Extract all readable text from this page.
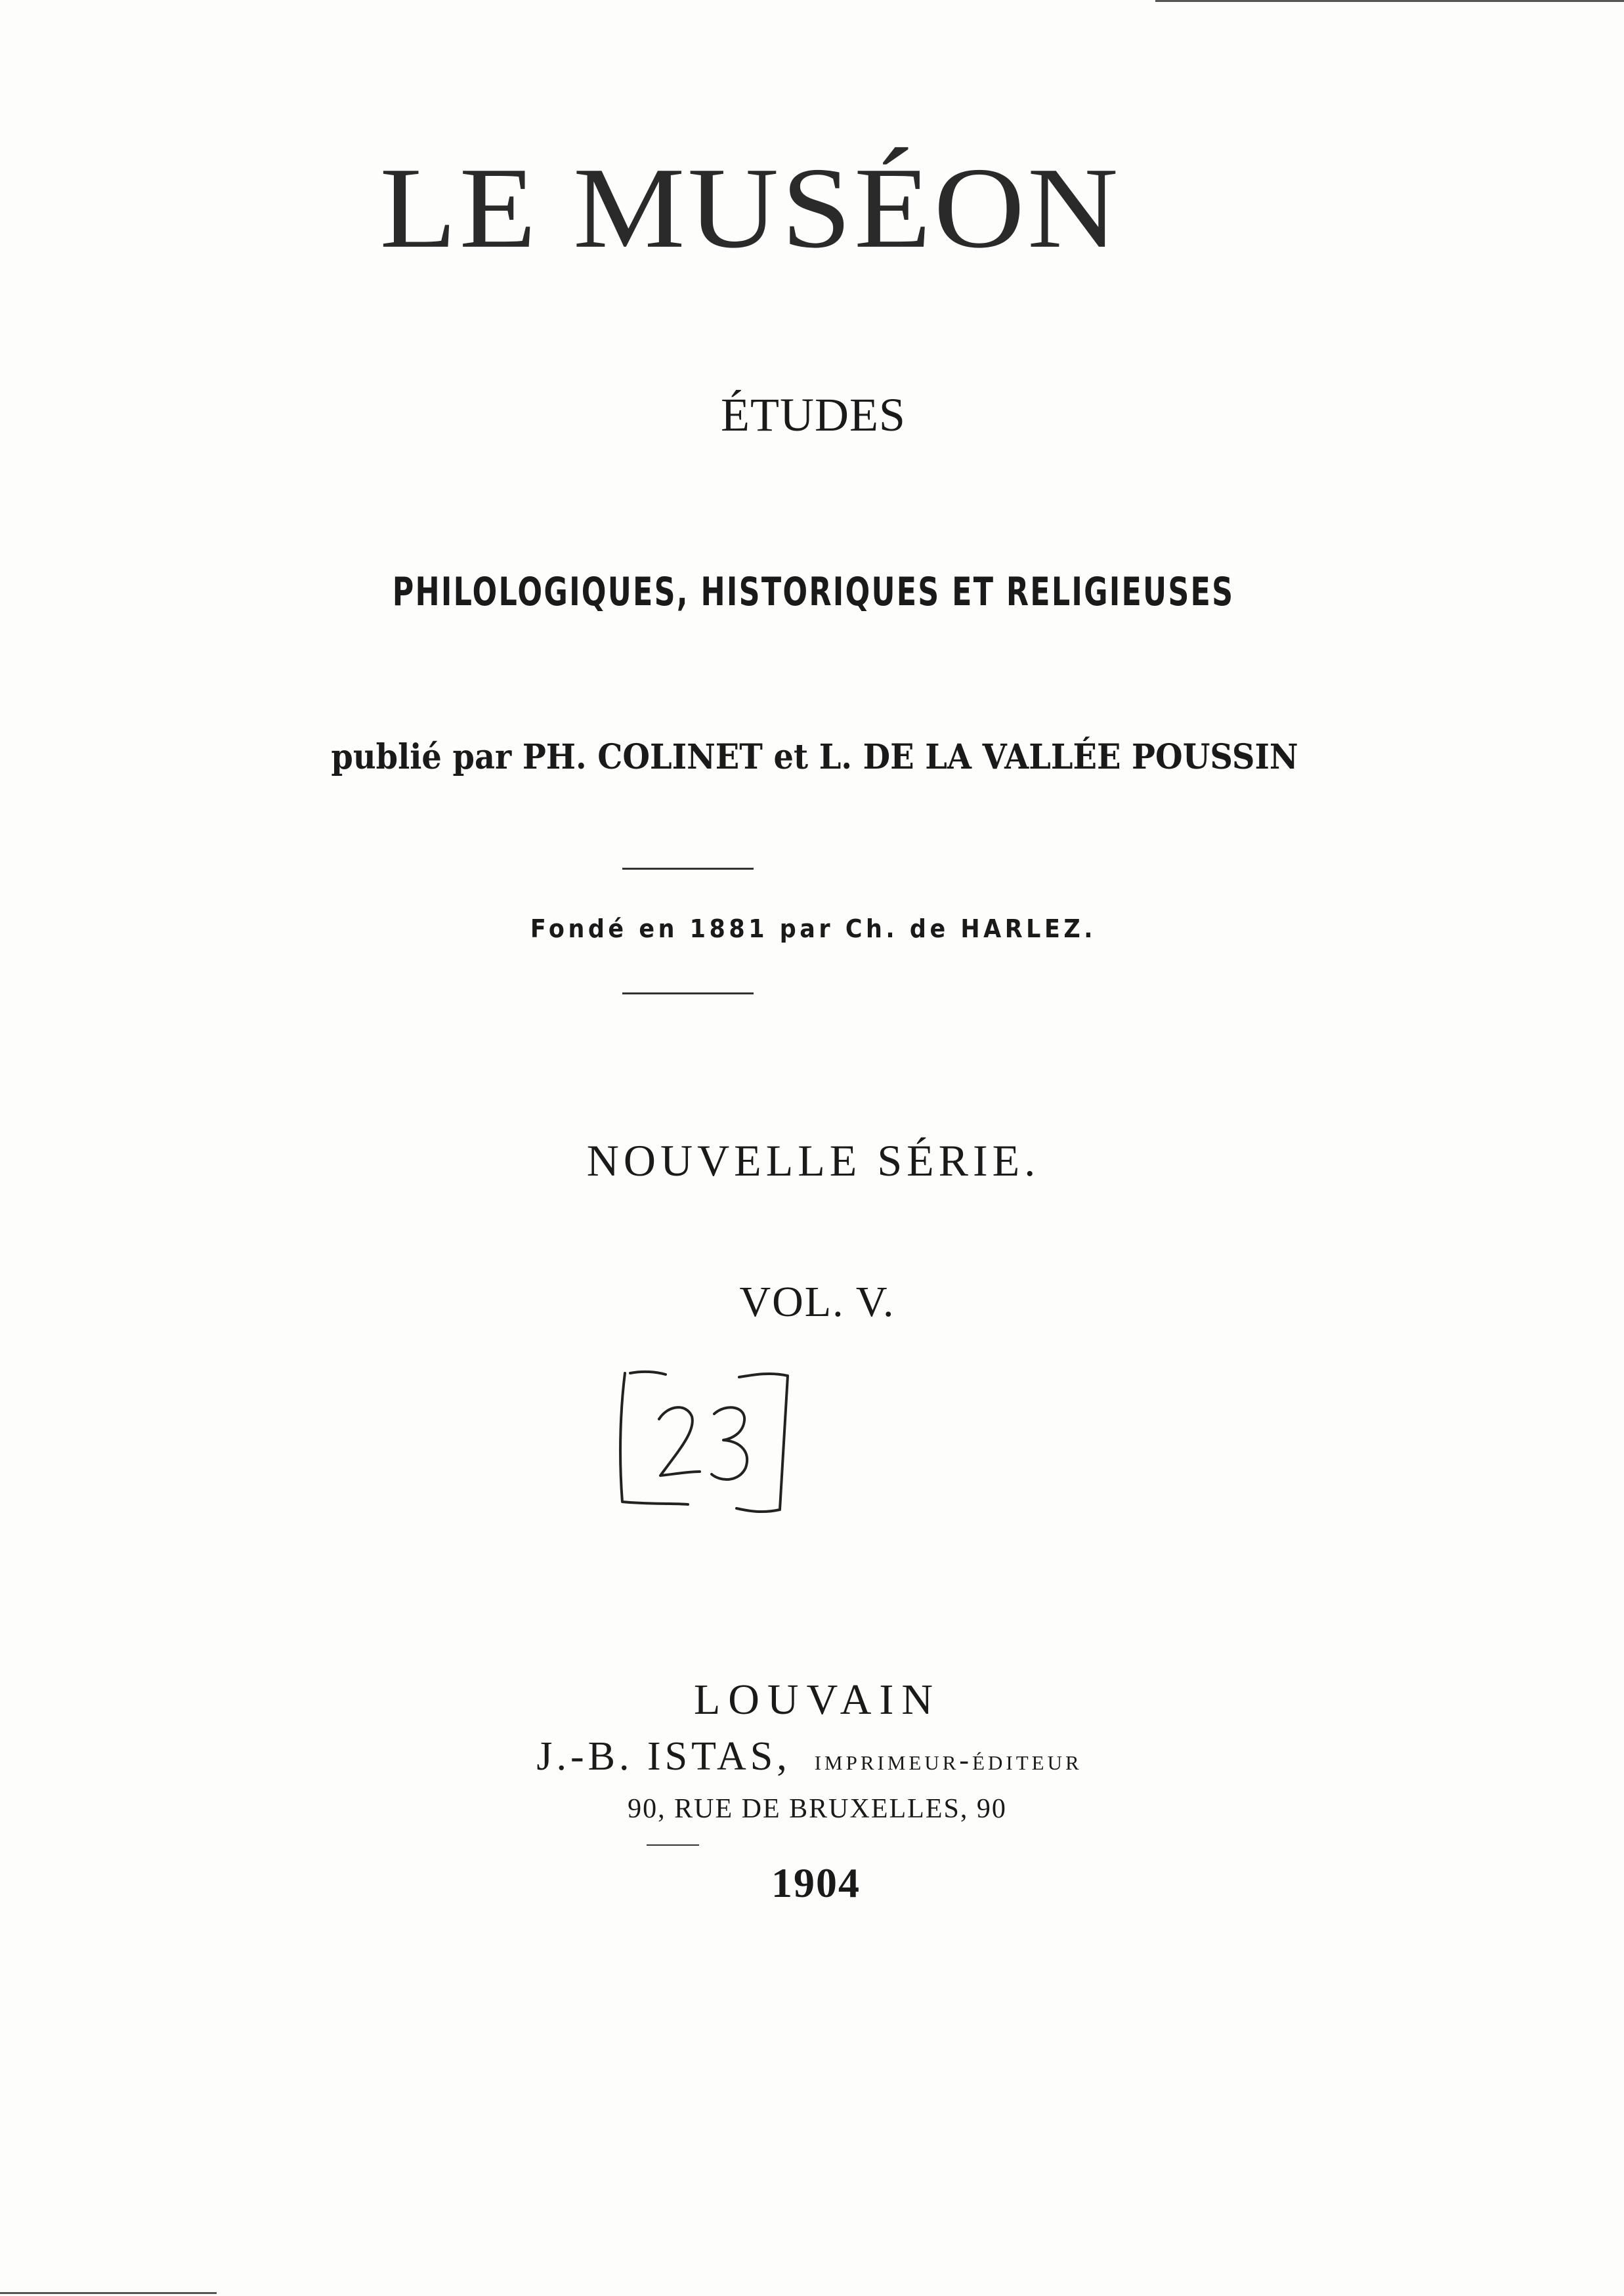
LE MUSÉON
ÉTUDES
PHILOLOGIQUES, HISTORIQUES ET RELIGIEUSES
publié par PH. COLINET et L. DE LA VALLÉE POUSSIN
Fondé en 1881 par Ch. de HARLEZ.
NOUVELLE SÉRIE.
VOL. V.
LOUVAIN
J.-B. ISTAS, imprimeur-éditeur
90, RUE DE BRUXELLES, 90
1904
